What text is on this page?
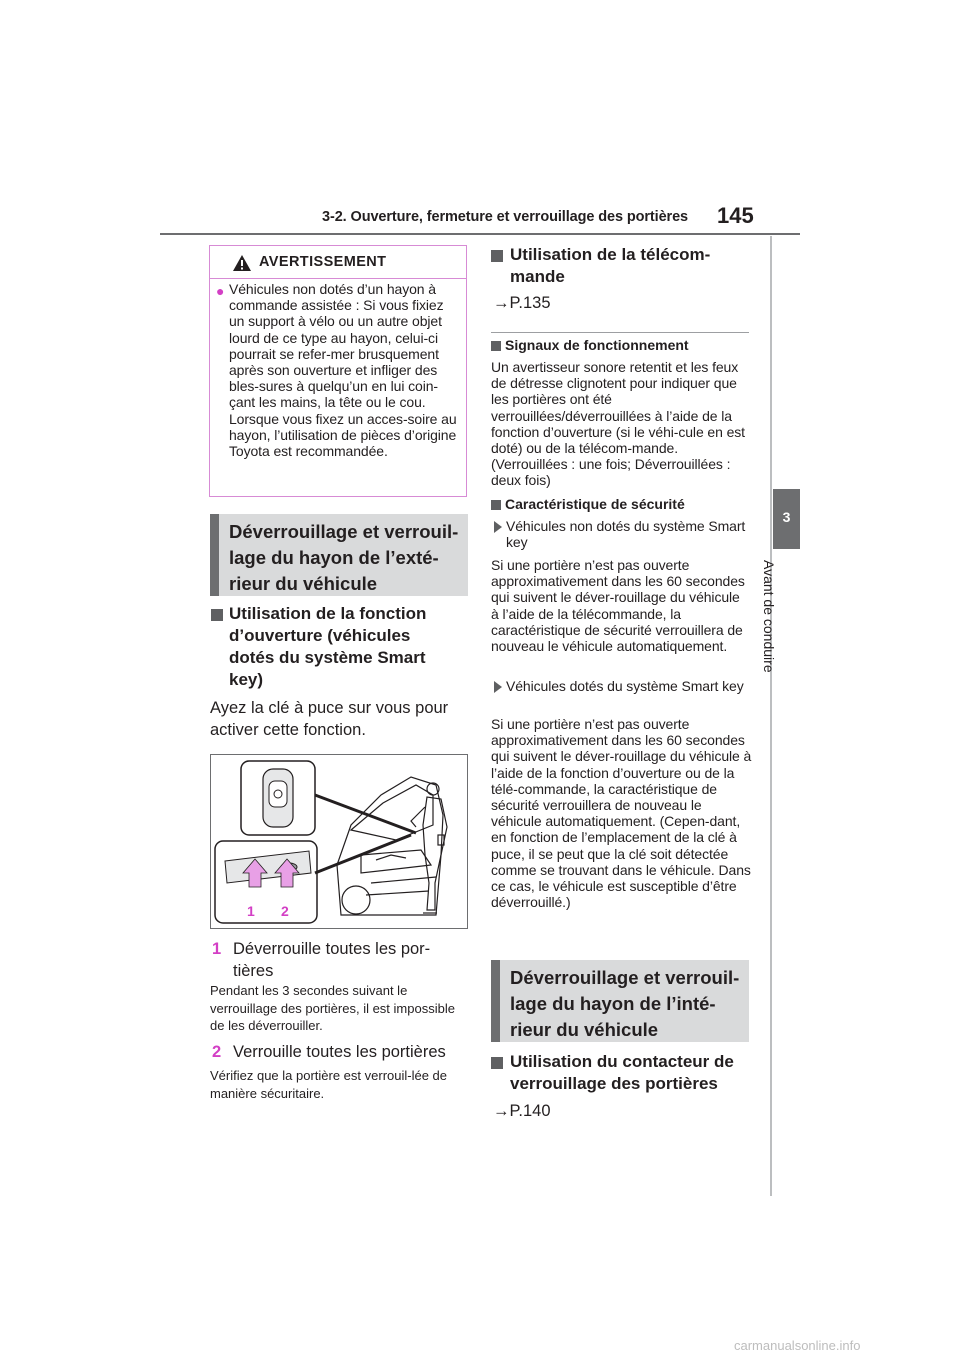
3-2. Ouverture, fermeture et verrouillage des portières 145
3
Avant de conduire
AVERTISSEMENT
● Véhicules non dotés d’un hayon à commande assistée : Si vous fixiez un support à vélo ou un autre objet lourd de ce type au hayon, celui-ci pourrait se refer-mer brusquement après son ouverture et infliger des bles-sures à quelqu’un en lui coin-çant les mains, la tête ou le cou. Lorsque vous fixez un acces-soire au hayon, l’utilisation de pièces d’origine Toyota est recommandée.
Déverrouillage et verrouil-lage du hayon de l’exté-rieur du véhicule
Utilisation de la fonction d’ouverture (véhicules dotés du système Smart key)
Ayez la clé à puce sur vous pour activer cette fonction.
1 2
1 Déverrouille toutes les por-tières
Pendant les 3 secondes suivant le verrouillage des portières, il est impossible de les déverrouiller.
2 Verrouille toutes les portières
Vérifiez que la portière est verrouil-lée de manière sécuritaire.
Utilisation de la télécom-mande
→P.135
Signaux de fonctionnement
Un avertisseur sonore retentit et les feux de détresse clignotent pour indiquer que les portières ont été verrouillées/déverrouillées à l’aide de la fonction d’ouverture (si le véhi-cule en est doté) ou de la télécom-mande. (Verrouillées : une fois; Déverrouillées : deux fois)
Caractéristique de sécurité
Véhicules non dotés du système Smart key
Si une portière n’est pas ouverte approximativement dans les 60 secondes qui suivent le déver-rouillage du véhicule à l’aide de la télécommande, la caractéristique de sécurité verrouillera de nouveau le véhicule automatiquement.
Véhicules dotés du système Smart key
Si une portière n’est pas ouverte approximativement dans les 60 secondes qui suivent le déver-rouillage du véhicule à l’aide de la fonction d’ouverture ou de la télé-commande, la caractéristique de sécurité verrouillera de nouveau le véhicule automatiquement. (Cepen-dant, en fonction de l’emplacement de la clé à puce, il se peut que la clé soit détectée comme se trouvant dans le véhicule. Dans ce cas, le véhicule est susceptible d’être déverrouillé.)
Déverrouillage et verrouil-lage du hayon de l’inté-rieur du véhicule
Utilisation du contacteur de verrouillage des portières
→P.140
carmanualsonline.info
